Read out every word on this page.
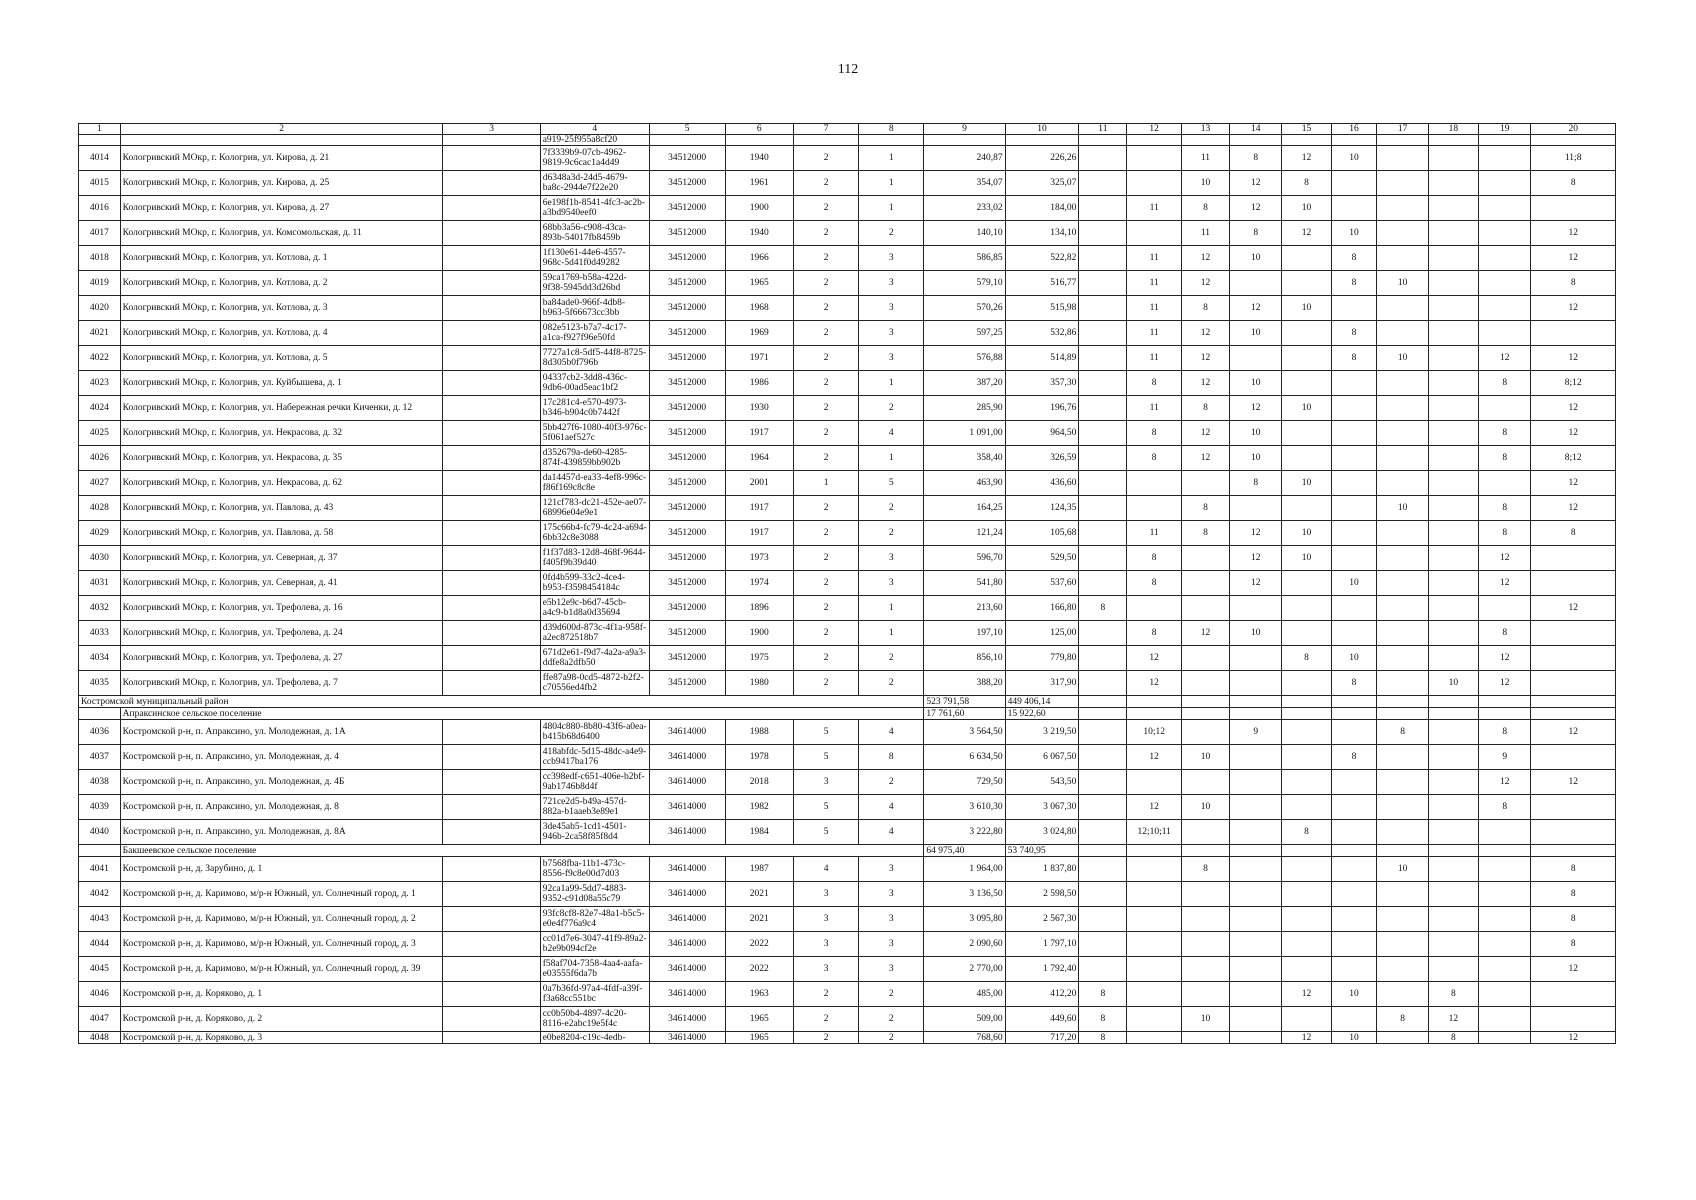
112
1	2	3	4	5	6	7	8	9	10	11	12	13	14	15	16	17	18	19	20
			a919-25f955a8cf20																
4014	Кологривский МОкр, г. Кологрив, ул. Кирова, д. 21		7f3339b9-07cb-4962-9819-9c6cac1a4d49	34512000	1940	2	1	240,87	226,26			11	8	12	10				11;8
4015	Кологривский МОкр, г. Кологрив, ул. Кирова, д. 25		d6348a3d-24d5-4679-ba8c-2944e7f22e20	34512000	1961	2	1	354,07	325,07			10	12	8					8
4016	Кологривский МОкр, г. Кологрив, ул. Кирова, д. 27		6e198f1b-8541-4fc3-ac2b-a3bd9540eef0	34512000	1900	2	1	233,02	184,00		11	8	12	10					
4017	Кологривский МОкр, г. Кологрив, ул. Комсомольская, д. 11		68bb3a56-c908-43ca-893b-54017fb8459b	34512000	1940	2	2	140,10	134,10			11	8	12	10				12
4018	Кологривский МОкр, г. Кологрив, ул. Котлова, д. 1		1f130e61-44e6-4557-968c-5d41f0d49282	34512000	1966	2	3	586,85	522,82		11	12	10		8				12
4019	Кологривский МОкр, г. Кологрив, ул. Котлова, д. 2		59ca1769-b58a-422d-9f38-5945dd3d26bd	34512000	1965	2	3	579,10	516,77		11	12			8	10			8
4020	Кологривский МОкр, г. Кологрив, ул. Котлова, д. 3		ba84ade0-966f-4db8-b963-5f66673cc3bb	34512000	1968	2	3	570,26	515,98		11	8	12	10					12
4021	Кологривский МОкр, г. Кологрив, ул. Котлова, д. 4		082e5123-b7a7-4c17-a1ca-f927f96e50fd	34512000	1969	2	3	597,25	532,86		11	12	10		8				
4022	Кологривский МОкр, г. Кологрив, ул. Котлова, д. 5		7727a1c8-5df5-44f8-8725-8d305b0f796b	34512000	1971	2	3	576,88	514,89		11	12			8	10		12	12
4023	Кологривский МОкр, г. Кологрив, ул. Куйбышева, д. 1		04337cb2-3dd8-436c-9db6-00ad5eac1bf2	34512000	1986	2	1	387,20	357,30		8	12	10					8	8;12
4024	Кологривский МОкр, г. Кологрив, ул. Набережная речки Киченки, д. 12		17c281c4-e570-4973-b346-b904c0b7442f	34512000	1930	2	2	285,90	196,76		11	8	12	10					12
4025	Кологривский МОкр, г. Кологрив, ул. Некрасова, д. 32		5bb427f6-1080-40f3-976c-5f061aef527c	34512000	1917	2	4	1 091,00	964,50		8	12	10					8	12
4026	Кологривский МОкр, г. Кологрив, ул. Некрасова, д. 35		d352679a-de60-4285-874f-439859bb902b	34512000	1964	2	1	358,40	326,59		8	12	10					8	8;12
4027	Кологривский МОкр, г. Кологрив, ул. Некрасова, д. 62		da14457d-ea33-4ef8-996c-f86f169c8c8e	34512000	2001	1	5	463,90	436,60				8	10					12
4028	Кологривский МОкр, г. Кологрив, ул. Павлова, д. 43		121cf783-dc21-452e-ae07-68996e04e9e1	34512000	1917	2	2	164,25	124,35			8				10		8	12
4029	Кологривский МОкр, г. Кологрив, ул. Павлова, д. 58		175c66b4-fc79-4c24-a694-6bb32c8e3088	34512000	1917	2	2	121,24	105,68		11	8	12	10				8	8
4030	Кологривский МОкр, г. Кологрив, ул. Северная, д. 37		f1f37d83-12d8-468f-9644-f405f9b39d40	34512000	1973	2	3	596,70	529,50		8		12	10				12	
4031	Кологривский МОкр, г. Кологрив, ул. Северная, д. 41		0fd4b599-33c2-4ce4-b953-f3598454184c	34512000	1974	2	3	541,80	537,60		8		12		10			12	
4032	Кологривский МОкр, г. Кологрив, ул. Трефолева, д. 16		e5b12e9c-b6d7-45cb-a4c9-b1d8a0d35694	34512000	1896	2	1	213,60	166,80	8									12
4033	Кологривский МОкр, г. Кологрив, ул. Трефолева, д. 24		d39d600d-873c-4f1a-958f-a2ec872518b7	34512000	1900	2	1	197,10	125,00		8	12	10					8	
4034	Кологривский МОкр, г. Кологрив, ул. Трефолева, д. 27		671d2e61-f9d7-4a2a-a9a3-ddfe8a2dfb50	34512000	1975	2	2	856,10	779,80		12			8	10			12	
4035	Кологривский МОкр, г. Кологрив, ул. Трефолева, д. 7		ffe87a98-0cd5-4872-b2f2-c70556ed4fb2	34512000	1980	2	2	388,20	317,90		12				8		10	12	
Костромской муниципальный район								523 791,58	449 406,14										
	Апраксинское сельское поселение							17 761,60	15 922,60										
4036	Костромской р-н, п. Апраксино, ул. Молодежная, д. 1А		4804c880-8b80-43f6-a0ea-b415b68d6400	34614000	1988	5	4	3 564,50	3 219,50		10;12		9			8		8	12
4037	Костромской р-н, п. Апраксино, ул. Молодежная, д. 4		418abfdc-5d15-48dc-a4e9-ccb9417ba176	34614000	1978	5	8	6 634,50	6 067,50		12	10			8			9	
4038	Костромской р-н, п. Апраксино, ул. Молодежная, д. 4Б		cc398edf-c651-406e-b2bf-9ab1746b8d4f	34614000	2018	3	2	729,50	543,50									12	12
4039	Костромской р-н, п. Апраксино, ул. Молодежная, д. 8		721ce2d5-b49a-457d-882a-b1aaeb3e89e1	34614000	1982	5	4	3 610,30	3 067,30		12	10						8	
4040	Костромской р-н, п. Апраксино, ул. Молодежная, д. 8А		3de45ab5-1cd1-4501-946b-2ca58f85f8d4	34614000	1984	5	4	3 222,80	3 024,80		12;10;11			8					
	Бакшеевское сельское поселение							64 975,40	53 740,95										
4041	Костромской р-н, д. Зарубино, д. 1		b7568fba-11b1-473c-8556-f9c8e00d7d03	34614000	1987	4	3	1 964,00	1 837,80			8				10			8
4042	Костромской р-н, д. Каримово, м/р-н Южный, ул. Солнечный город, д. 1		92ca1a99-5dd7-4883-9352-c91d08a55c79	34614000	2021	3	3	3 136,50	2 598,50										8
4043	Костромской р-н, д. Каримово, м/р-н Южный, ул. Солнечный город, д. 2		93fc8cf8-82e7-48a1-b5c5-e0e4f776a9c4	34614000	2021	3	3	3 095,80	2 567,30										8
4044	Костромской р-н, д. Каримово, м/р-н Южный, ул. Солнечный город, д. 3		cc01d7e6-3047-41f9-89a2-b2e9b094cf2e	34614000	2022	3	3	2 090,60	1 797,10										8
4045	Костромской р-н, д. Каримово, м/р-н Южный, ул. Солнечный город, д. 39		f58af704-7358-4aa4-aafa-e03555f6da7b	34614000	2022	3	3	2 770,00	1 792,40										12
4046	Костромской р-н, д. Коряково, д. 1		0a7b36fd-97a4-4fdf-a39f-f3a68cc551bc	34614000	1963	2	2	485,00	412,20	8				12	10		8		
4047	Костромской р-н, д. Коряково, д. 2		cc0b50b4-4897-4c20-8116-e2abc19e5f4c	34614000	1965	2	2	509,00	449,60	8		10				8	12		
4048	Костромской р-н, д. Коряково, д. 3		e0be8204-c19c-4edb-	34614000	1965	2	2	768,60	717,20	8				12	10		8		12
